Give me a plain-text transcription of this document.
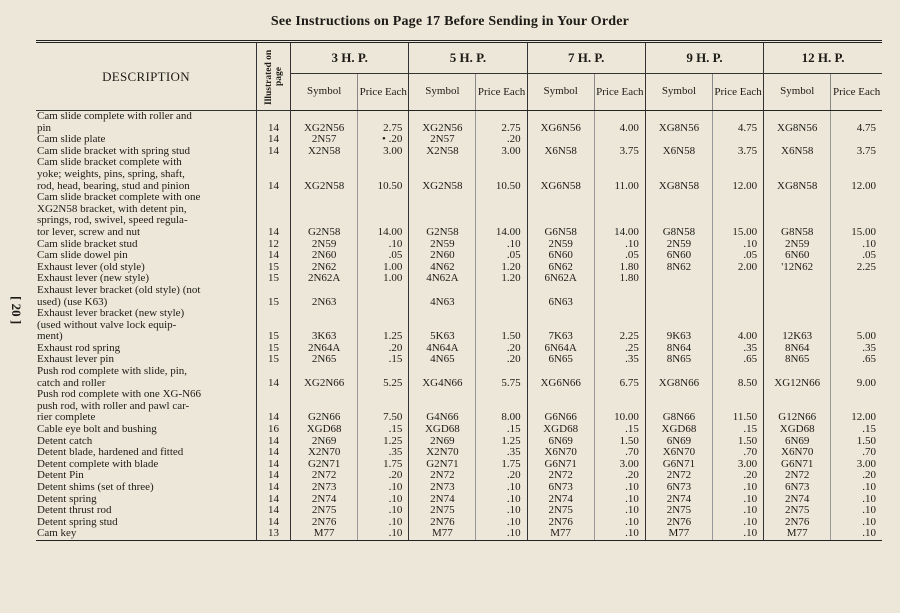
See Instructions on Page 17 Before Sending in Your Order
[ 20 ]
DESCRIPTION	Illustrated on page	3 H. P.		5 H. P.		7 H. P.		9 H. P.		12 H. P.	
		Symbol	Price Each	Symbol	Price Each	Symbol	Price Each	Symbol	Price Each	Symbol	Price Each

Cam slide complete with roller and
pin	14	XG2N56	2.75	XG2N56	2.75	XG6N56	4.00	XG8N56	4.75	XG8N56	4.75

Cam slide plate	14	2N57	• .20	2N57	.20						

Cam slide bracket with spring stud	14	X2N58	3.00	X2N58	3.00	X6N58	3.75	X6N58	3.75	X6N58	3.75

Cam slide bracket complete with
yoke; weights, pins, spring, shaft,
rod, head, bearing, stud and pinion	14	XG2N58	10.50	XG2N58	10.50	XG6N58	11.00	XG8N58	12.00	XG8N58	12.00

Cam slide bracket complete with one
XG2N58 bracket, with detent pin,
springs, rod, swivel, speed regula-
tor lever, screw and nut	14	G2N58	14.00	G2N58	14.00	G6N58	14.00	G8N58	15.00	G8N58	15.00

Cam slide bracket stud	12	2N59	.10	2N59	.10	2N59	.10	2N59	.10	2N59	.10

Cam slide dowel pin	14	2N60	.05	2N60	.05	6N60	.05	6N60	.05	6N60	.05

Exhaust lever (old style)	15	2N62	1.00	4N62	1.20	6N62	1.80	8N62	2.00	'12N62	2.25

Exhaust lever (new style)	15	2N62A	1.00	4N62A	1.20	6N62A	1.80				

Exhaust lever bracket (old style) (not
used) (use K63)	15	2N63		4N63		6N63					

Exhaust lever bracket (new style)
(used without valve lock equip-
ment)	15	3K63	1.25	5K63	1.50	7K63	2.25	9K63	4.00	12K63	5.00

Exhaust rod spring	15	2N64A	.20	4N64A	.20	6N64A	.25	8N64	.35	8N64	.35

Exhaust lever pin	15	2N65	.15	4N65	.20	6N65	.35	8N65	.65	8N65	.65

Push rod complete with slide, pin,
catch and roller	14	XG2N66	5.25	XG4N66	5.75	XG6N66	6.75	XG8N66	8.50	XG12N66	9.00

Push rod complete with one XG-N66
push rod, with roller and pawl car-
rier complete	14	G2N66	7.50	G4N66	8.00	G6N66	10.00	G8N66	11.50	G12N66	12.00

Cable eye bolt and bushing	16	XGD68	.15	XGD68	.15	XGD68	.15	XGD68	.15	XGD68	.15

Detent catch	14	2N69	1.25	2N69	1.25	6N69	1.50	6N69	1.50	6N69	1.50

Detent blade, hardened and fitted	14	X2N70	.35	X2N70	.35	X6N70	.70	X6N70	.70	X6N70	.70

Detent complete with blade	14	G2N71	1.75	G2N71	1.75	G6N71	3.00	G6N71	3.00	G6N71	3.00

Detent Pin	14	2N72	.20	2N72	.20	2N72	.20	2N72	.20	2N72	.20

Detent shims (set of three)	14	2N73	.10	2N73	.10	6N73	.10	6N73	.10	6N73	.10

Detent spring	14	2N74	.10	2N74	.10	2N74	.10	2N74	.10	2N74	.10

Detent thrust rod	14	2N75	.10	2N75	.10	2N75	.10	2N75	.10	2N75	.10

Detent spring stud	14	2N76	.10	2N76	.10	2N76	.10	2N76	.10	2N76	.10

Cam key	13	M77	.10	M77	.10	M77	.10	M77	.10	M77	.10
